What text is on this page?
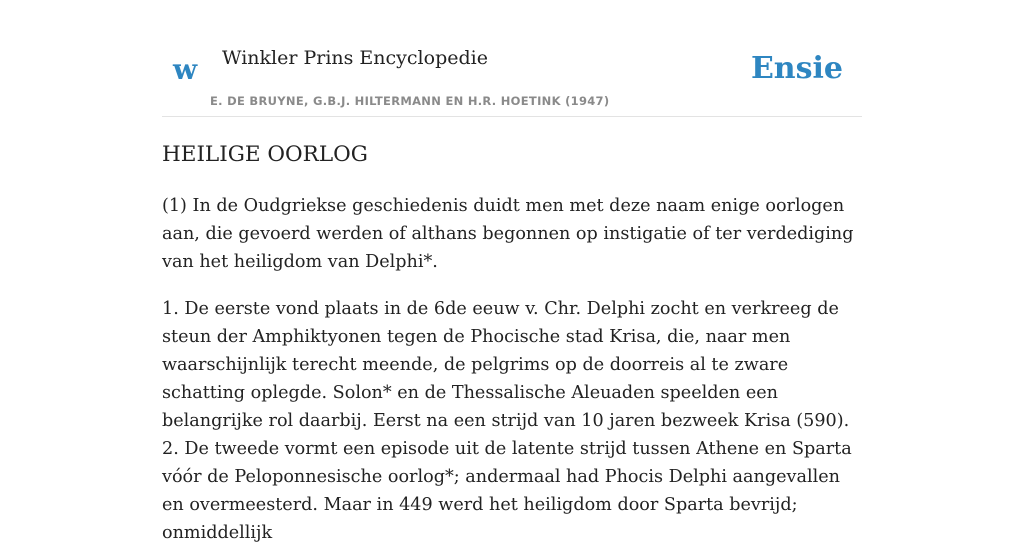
w Winkler Prins Encyclopedie
E. DE BRUYNE, G.B.J. HILTERMANN EN H.R. HOETINK (1947)
Ensie
HEILIGE OORLOG

(1) In de Oudgriekse geschiedenis duidt men met deze naam enige oorlogen aan, die gevoerd werden of althans begonnen op instigatie of ter verdediging van het heiligdom van Delphi*.

1. De eerste vond plaats in de 6de eeuw v. Chr. Delphi zocht en verkreeg de steun der Amphiktyonen tegen de Phocische stad Krisa, die, naar men waarschijnlijk terecht meende, de pelgrims op de doorreis al te zware schatting oplegde. Solon* en de Thessalische Aleuaden speelden een belangrijke rol daarbij. Eerst na een strijd van 10 jaren bezweek Krisa (590).

2. De tweede vormt een episode uit de latente strijd tussen Athene en Sparta vóór de Peloponnesische oorlog*; andermaal had Phocis Delphi aangevallen en overmeesterd. Maar in 449 werd het heiligdom door Sparta bevrijd; onmiddellijk
